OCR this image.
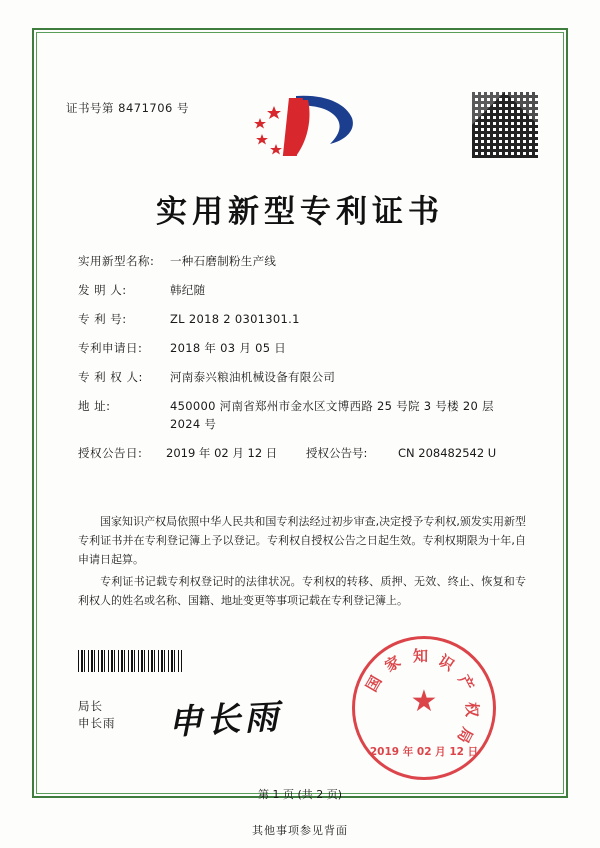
证书号第 8471706 号
实用新型专利证书
实用新型名称:	一种石磨制粉生产线
发 明 人:	韩纪随
专 利 号:	ZL 2018 2 0301301.1
专利申请日:	2018 年 03 月 05 日
专 利 权 人:	河南泰兴粮油机械设备有限公司
地 址:	450000 河南省郑州市金水区文博西路 25 号院 3 号楼 20 层 2024 号
授权公告日:	2019 年 02 月 12 日	授权公告号:	CN 208482542 U

国家知识产权局依照中华人民共和国专利法经过初步审查,决定授予专利权,颁发实用新型专利证书并在专利登记簿上予以登记。专利权自授权公告之日起生效。专利权期限为十年,自申请日起算。

专利证书记载专利权登记时的法律状况。专利权的转移、质押、无效、终止、恢复和专利权人的姓名或名称、国籍、地址变更等事项记载在专利登记簿上。

局长
申长雨 申长雨
知 识
产
权
局
家
国
★
2019 年 02 月 12 日
第 1 页 (共 2 页)
其他事项参见背面
